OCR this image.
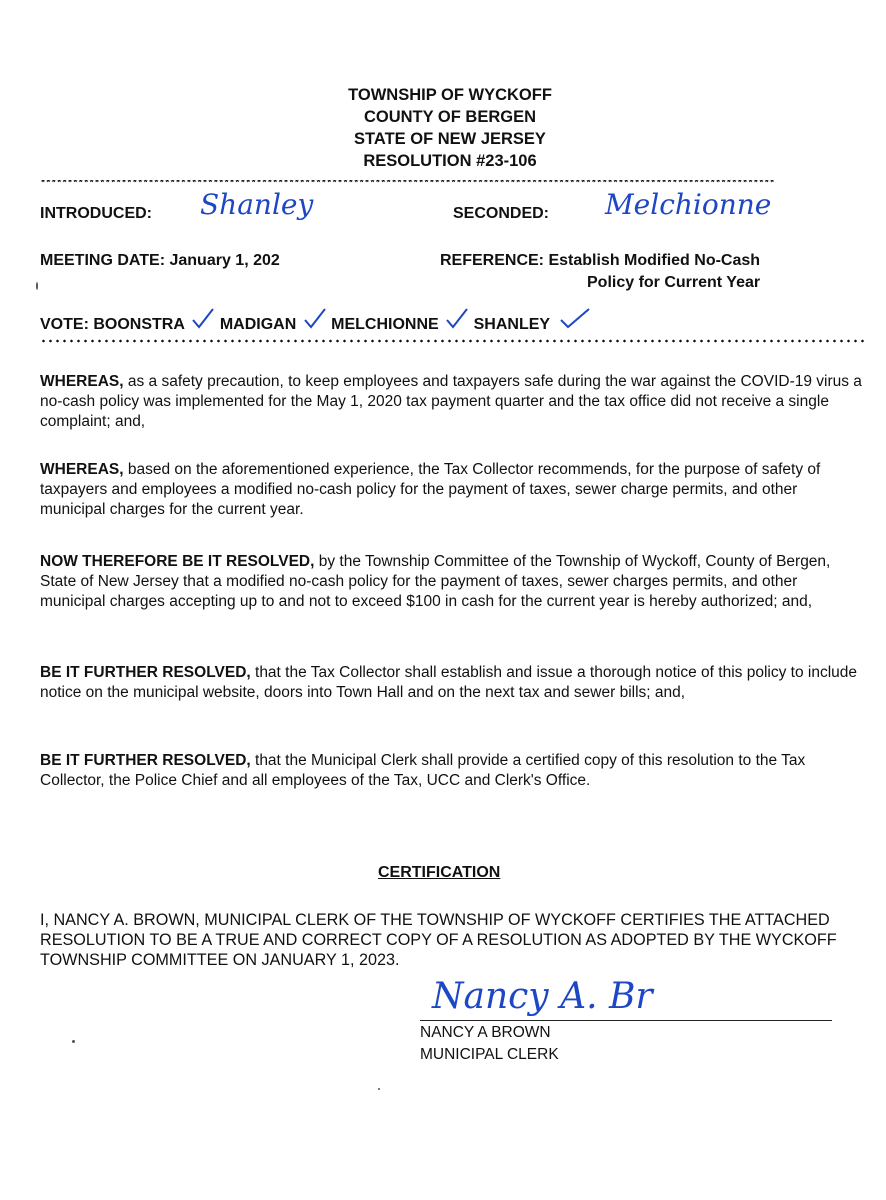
TOWNSHIP OF WYCKOFF
COUNTY OF BERGEN
STATE OF NEW JERSEY
RESOLUTION #23-106
****************************************************************************************************************************************
INTRODUCED: Shanley	SECONDED: Melchionne
MEETING DATE: January 1, 202	REFERENCE: Establish Modified No-Cash
Policy for Current Year
VOTE: BOONSTRA MADIGAN MELCHIONNE SHANLEY

WHEREAS, as a safety precaution, to keep employees and taxpayers safe during the war against the COVID-19 virus a no-cash policy was implemented for the May 1, 2020 tax payment quarter and the tax office did not receive a single complaint; and,

WHEREAS, based on the aforementioned experience, the Tax Collector recommends, for the purpose of safety of taxpayers and employees a modified no-cash policy for the payment of taxes, sewer charge permits, and other municipal charges for the current year.

NOW THEREFORE BE IT RESOLVED, by the Township Committee of the Township of Wyckoff, County of Bergen, State of New Jersey that a modified no-cash policy for the payment of taxes, sewer charges permits, and other municipal charges accepting up to and not to exceed $100 in cash for the current year is hereby authorized; and,

BE IT FURTHER RESOLVED, that the Tax Collector shall establish and issue a thorough notice of this policy to include notice on the municipal website, doors into Town Hall and on the next tax and sewer bills; and,

BE IT FURTHER RESOLVED, that the Municipal Clerk shall provide a certified copy of this resolution to the Tax Collector, the Police Chief and all employees of the Tax, UCC and Clerk's Office.

CERTIFICATION

I, NANCY A. BROWN, MUNICIPAL CLERK OF THE TOWNSHIP OF WYCKOFF CERTIFIES THE ATTACHED RESOLUTION TO BE A TRUE AND CORRECT COPY OF A RESOLUTION AS ADOPTED BY THE WYCKOFF TOWNSHIP COMMITTEE ON JANUARY 1, 2023.

Nancy A. Br
NANCY A BROWN
MUNICIPAL CLERK
